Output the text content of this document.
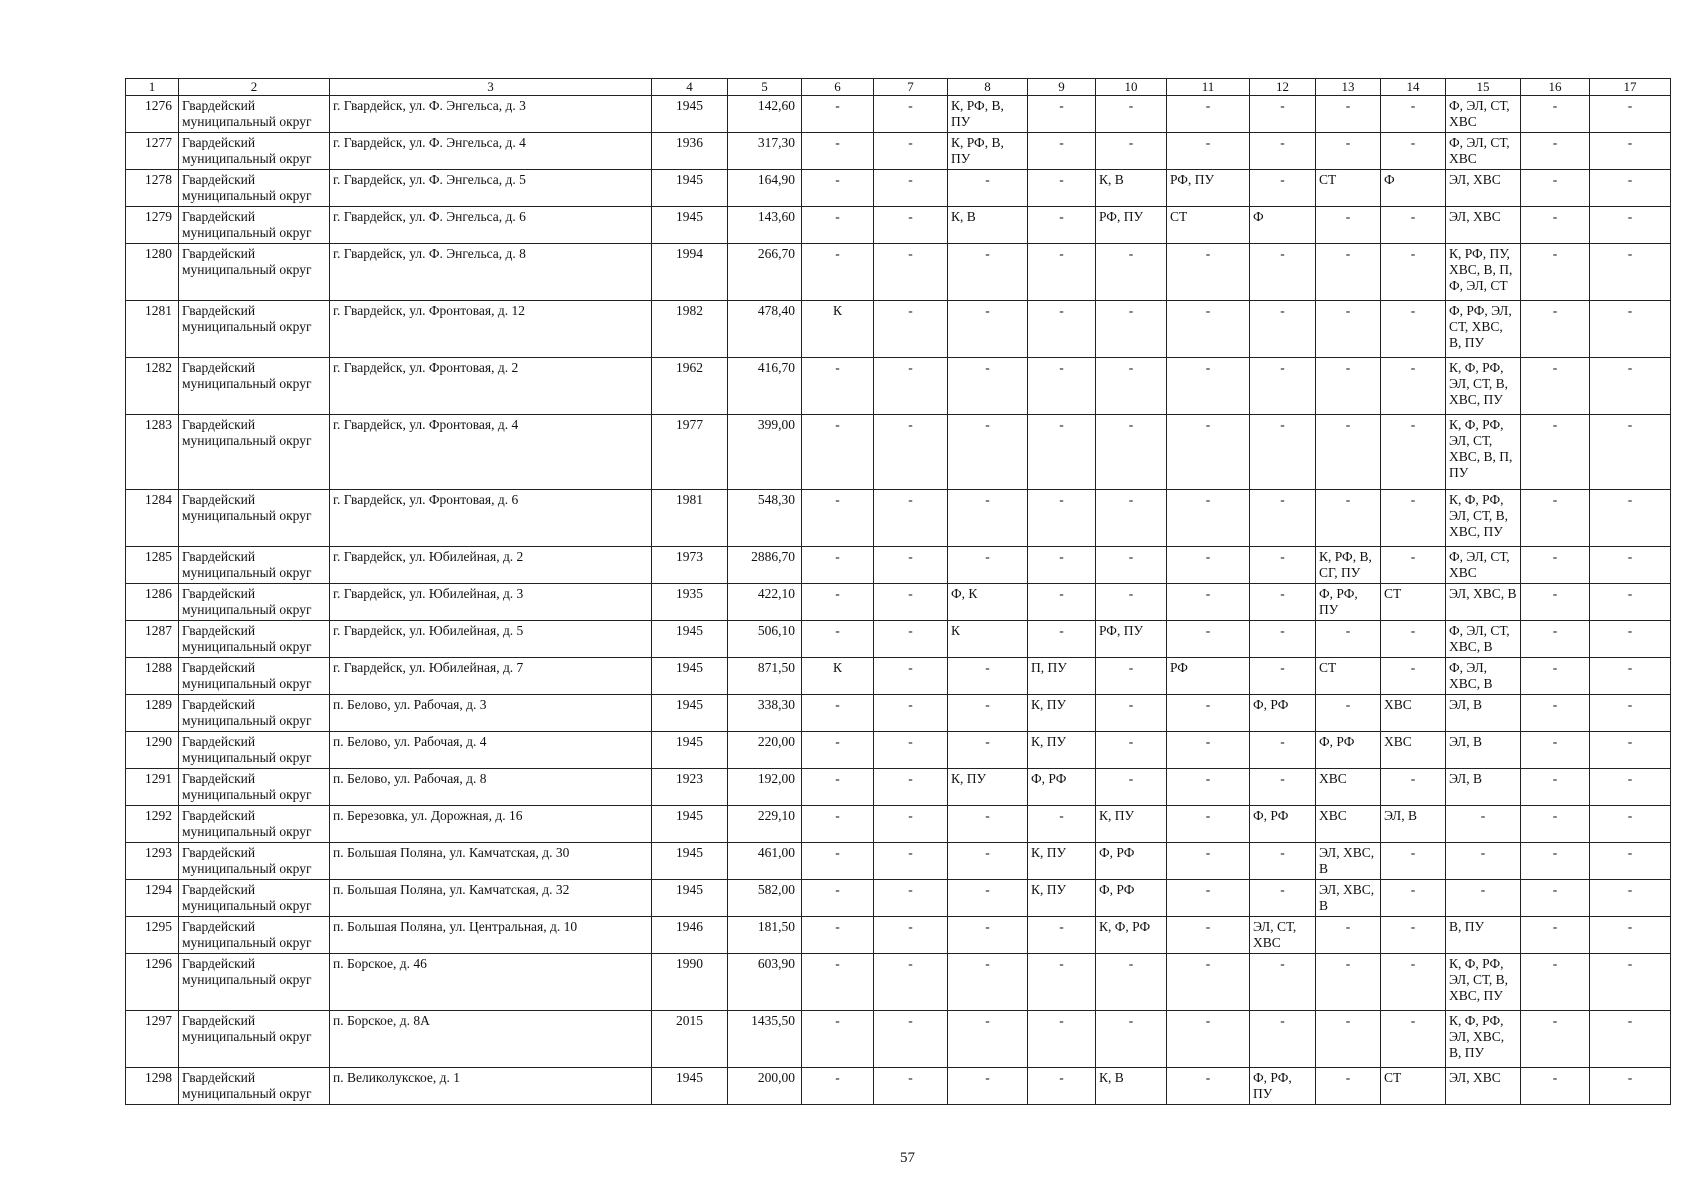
1	2	3	4	5	6	7	8	9	10	11	12	13	14	15	16	17
1276	Гвардейский муниципальный округ	г. Гвардейск, ул. Ф. Энгельса, д. 3	1945	142,60	-	-	К, РФ, В, ПУ	-	-	-	-	-	-	Ф, ЭЛ, СТ, ХВС	-	-
1277	Гвардейский муниципальный округ	г. Гвардейск, ул. Ф. Энгельса, д. 4	1936	317,30	-	-	К, РФ, В, ПУ	-	-	-	-	-	-	Ф, ЭЛ, СТ, ХВС	-	-
1278	Гвардейский муниципальный округ	г. Гвардейск, ул. Ф. Энгельса, д. 5	1945	164,90	-	-	-	-	К, В	РФ, ПУ	-	СТ	Ф	ЭЛ, ХВС	-	-
1279	Гвардейский муниципальный округ	г. Гвардейск, ул. Ф. Энгельса, д. 6	1945	143,60	-	-	К, В	-	РФ, ПУ	СТ	Ф	-	-	ЭЛ, ХВС	-	-
1280	Гвардейский муниципальный округ	г. Гвардейск, ул. Ф. Энгельса, д. 8	1994	266,70	-	-	-	-	-	-	-	-	-	К, РФ, ПУ, ХВС, В, П, Ф, ЭЛ, СТ	-	-
1281	Гвардейский муниципальный округ	г. Гвардейск, ул. Фронтовая, д. 12	1982	478,40	К	-	-	-	-	-	-	-	-	Ф, РФ, ЭЛ, СТ, ХВС, В, ПУ	-	-
1282	Гвардейский муниципальный округ	г. Гвардейск, ул. Фронтовая, д. 2	1962	416,70	-	-	-	-	-	-	-	-	-	К, Ф, РФ, ЭЛ, СТ, В, ХВС, ПУ	-	-
1283	Гвардейский муниципальный округ	г. Гвардейск, ул. Фронтовая, д. 4	1977	399,00	-	-	-	-	-	-	-	-	-	К, Ф, РФ, ЭЛ, СТ, ХВС, В, П, ПУ	-	-
1284	Гвардейский муниципальный округ	г. Гвардейск, ул. Фронтовая, д. 6	1981	548,30	-	-	-	-	-	-	-	-	-	К, Ф, РФ, ЭЛ, СТ, В, ХВС, ПУ	-	-
1285	Гвардейский муниципальный округ	г. Гвардейск, ул. Юбилейная, д. 2	1973	2886,70	-	-	-	-	-	-	-	К, РФ, В, СГ, ПУ	-	Ф, ЭЛ, СТ, ХВС	-	-
1286	Гвардейский муниципальный округ	г. Гвардейск, ул. Юбилейная, д. 3	1935	422,10	-	-	Ф, К	-	-	-	-	Ф, РФ, ПУ	СТ	ЭЛ, ХВС, В	-	-
1287	Гвардейский муниципальный округ	г. Гвардейск, ул. Юбилейная, д. 5	1945	506,10	-	-	К	-	РФ, ПУ	-	-	-	-	Ф, ЭЛ, СТ, ХВС, В	-	-
1288	Гвардейский муниципальный округ	г. Гвардейск, ул. Юбилейная, д. 7	1945	871,50	К	-	-	П, ПУ	-	РФ	-	СТ	-	Ф, ЭЛ, ХВС, В	-	-
1289	Гвардейский муниципальный округ	п. Белово, ул. Рабочая, д. 3	1945	338,30	-	-	-	К, ПУ	-	-	Ф, РФ	-	ХВС	ЭЛ, В	-	-
1290	Гвардейский муниципальный округ	п. Белово, ул. Рабочая, д. 4	1945	220,00	-	-	-	К, ПУ	-	-	-	Ф, РФ	ХВС	ЭЛ, В	-	-
1291	Гвардейский муниципальный округ	п. Белово, ул. Рабочая, д. 8	1923	192,00	-	-	К, ПУ	Ф, РФ	-	-	-	ХВС	-	ЭЛ, В	-	-
1292	Гвардейский муниципальный округ	п. Березовка, ул. Дорожная, д. 16	1945	229,10	-	-	-	-	К, ПУ	-	Ф, РФ	ХВС	ЭЛ, В	-	-	-
1293	Гвардейский муниципальный округ	п. Большая Поляна, ул. Камчатская, д. 30	1945	461,00	-	-	-	К, ПУ	Ф, РФ	-	-	ЭЛ, ХВС, В	-	-	-	-
1294	Гвардейский муниципальный округ	п. Большая Поляна, ул. Камчатская, д. 32	1945	582,00	-	-	-	К, ПУ	Ф, РФ	-	-	ЭЛ, ХВС, В	-	-	-	-
1295	Гвардейский муниципальный округ	п. Большая Поляна, ул. Центральная, д. 10	1946	181,50	-	-	-	-	К, Ф, РФ	-	ЭЛ, СТ, ХВС	-	-	В, ПУ	-	-
1296	Гвардейский муниципальный округ	п. Борское, д. 46	1990	603,90	-	-	-	-	-	-	-	-	-	К, Ф, РФ, ЭЛ, СТ, В, ХВС, ПУ	-	-
1297	Гвардейский муниципальный округ	п. Борское, д. 8А	2015	1435,50	-	-	-	-	-	-	-	-	-	К, Ф, РФ, ЭЛ, ХВС, В, ПУ	-	-
1298	Гвардейский муниципальный округ	п. Великолукское, д. 1	1945	200,00	-	-	-	-	К, В	-	Ф, РФ, ПУ	-	СТ	ЭЛ, ХВС	-	-
57
